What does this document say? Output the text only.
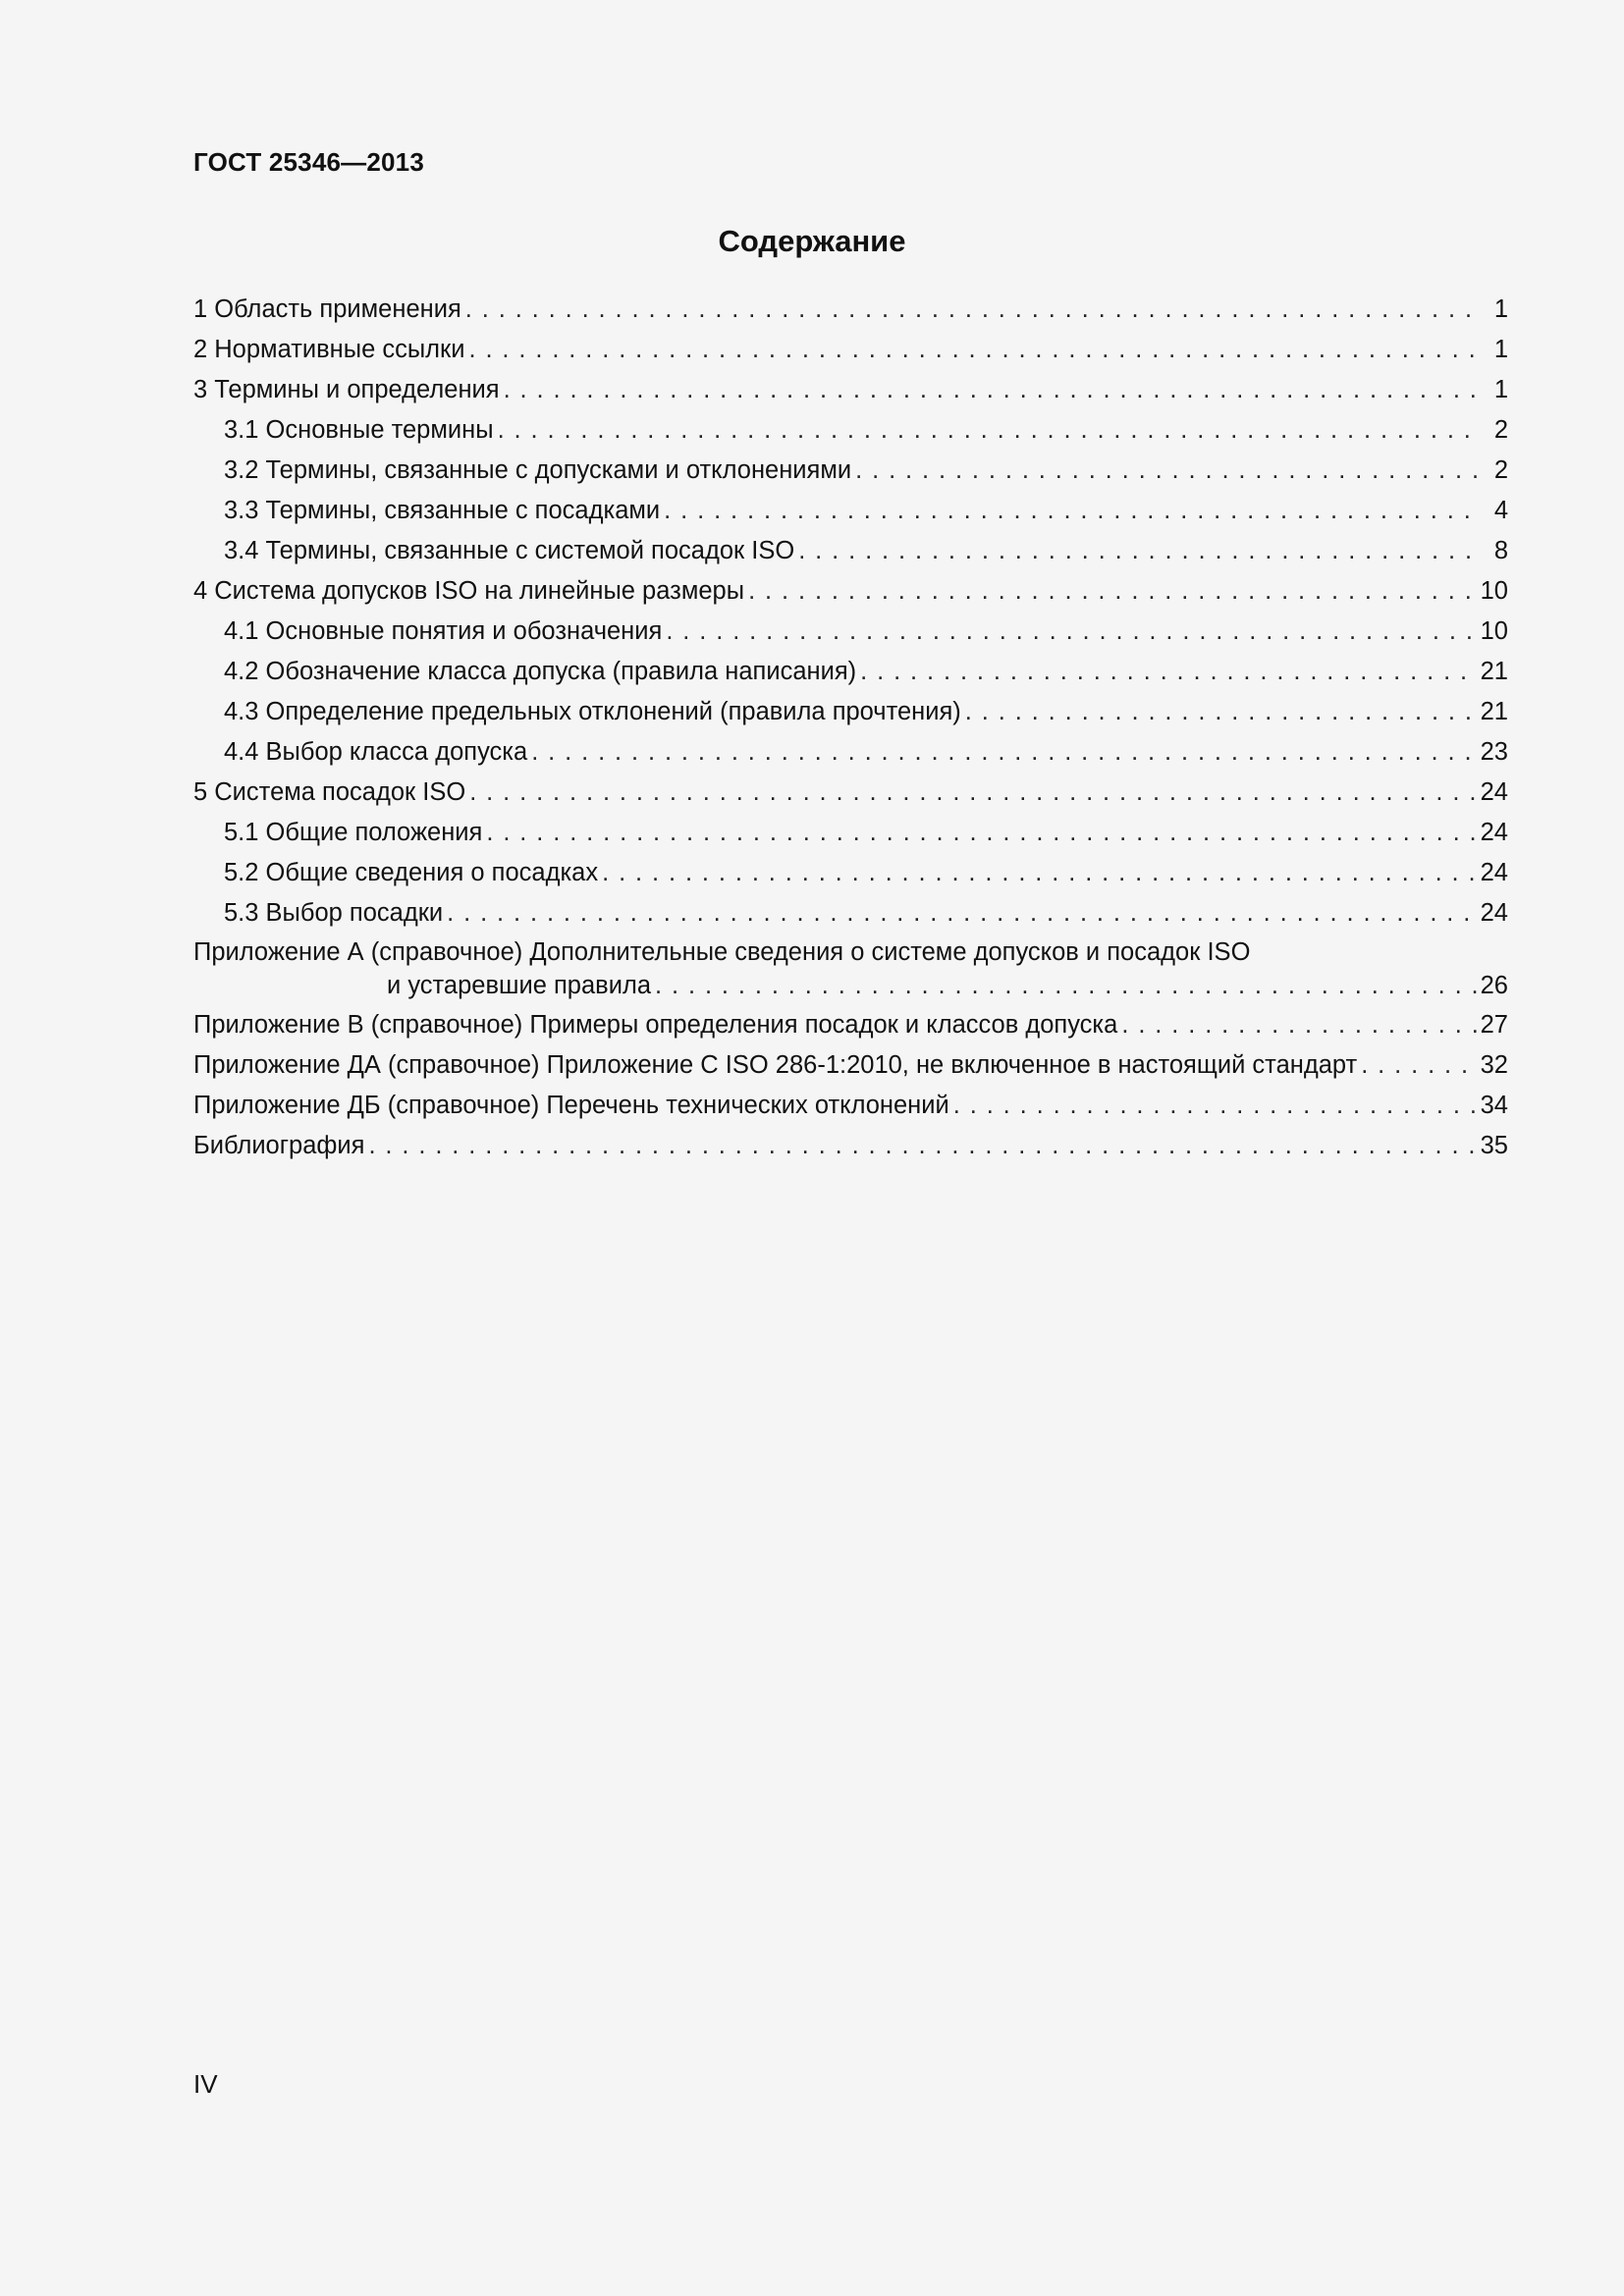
ГОСТ 25346—2013
Содержание
1 Область применения . . .	1
2 Нормативные ссылки . . .	1
3 Термины и определения . . .	1
3.1 Основные термины . . .	2
3.2 Термины, связанные с допусками и отклонениями . . .	2
3.3 Термины, связанные с посадками . . .	4
3.4 Термины, связанные с системой посадок ISO . . .	8
4 Система допусков ISO на линейные размеры . . .	10
4.1 Основные понятия и обозначения . . .	10
4.2 Обозначение класса допуска (правила написания) . . .	21
4.3 Определение предельных отклонений (правила прочтения) . . .	21
4.4 Выбор класса допуска . . .	23
5 Система посадок ISO . . .	24
5.1 Общие положения . . .	24
5.2 Общие сведения о посадках . . .	24
5.3 Выбор посадки . . .	24
Приложение А (справочное) Дополнительные сведения о системе допусков и посадок ISO
и устаревшие правила . . .	26
Приложение В (справочное) Примеры определения посадок и классов допуска . . .	27
Приложение ДА (справочное) Приложение С ISO 286-1:2010, не включенное в настоящий стандарт . . .	32
Приложение ДБ (справочное) Перечень технических отклонений . . .	34
Библиография . . .	35
IV
